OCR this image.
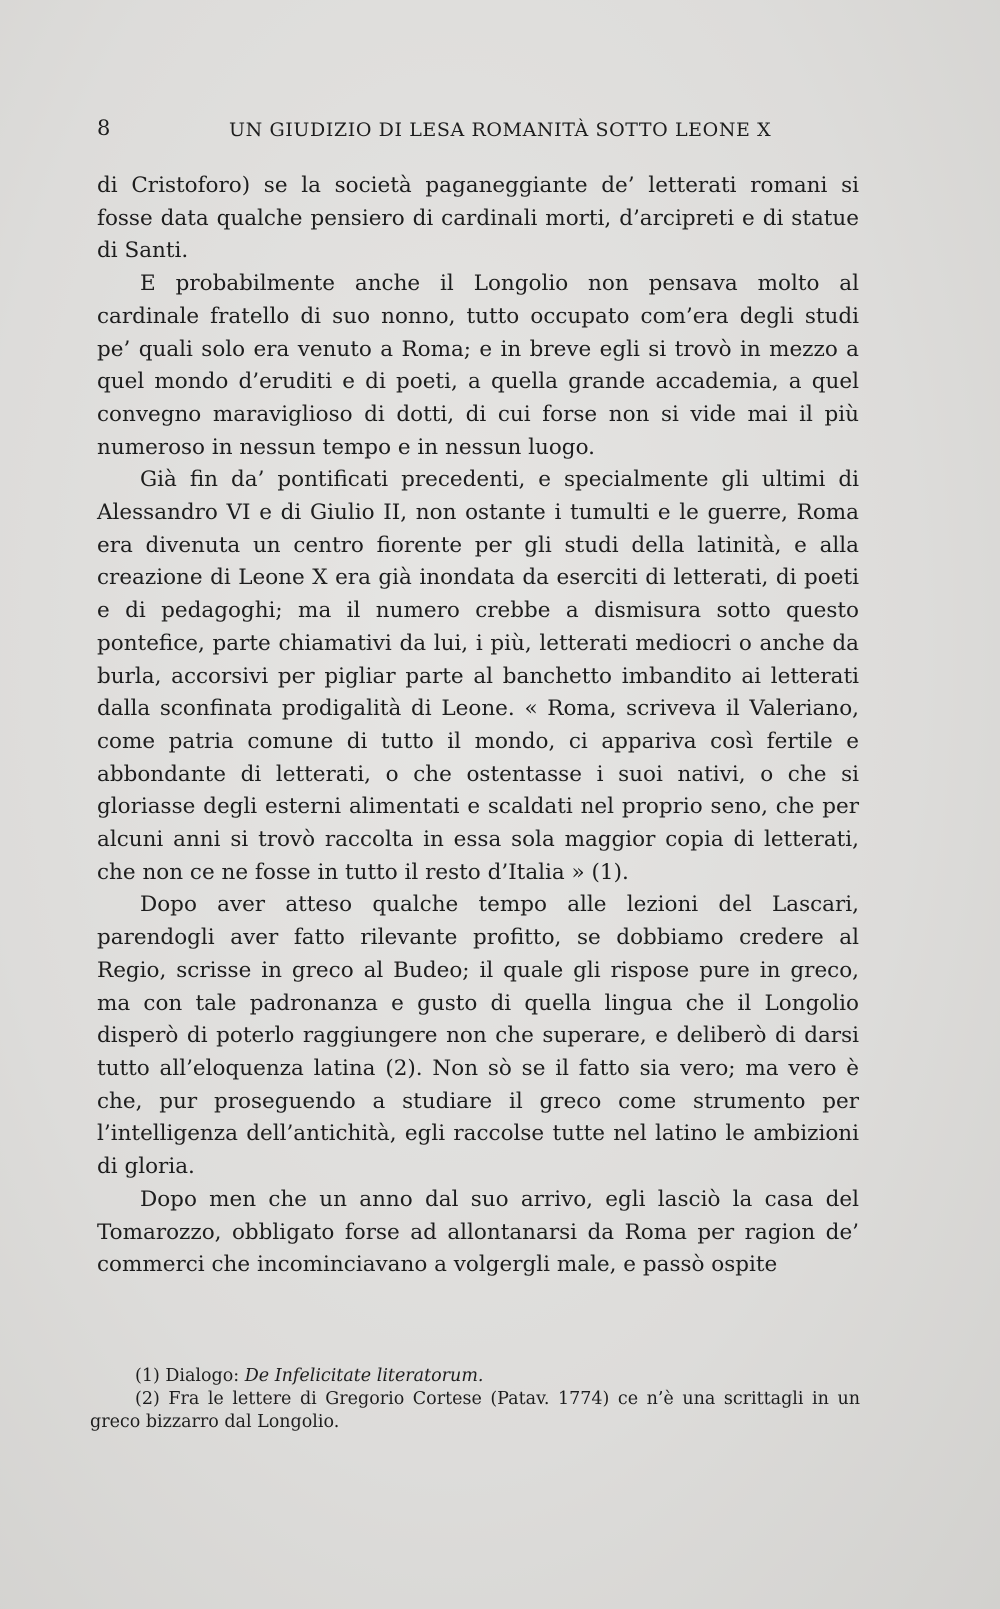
8	UN GIUDIZIO DI LESA ROMANITÀ SOTTO LEONE X

di Cristoforo) se la società paganeggiante de’ letterati romani si fosse data qualche pensiero di cardinali morti, d’arcipreti e di statue di Santi.

E probabilmente anche il Longolio non pensava molto al cardinale fratello di suo nonno, tutto occupato com’era degli studi pe’ quali solo era venuto a Roma; e in breve egli si trovò in mezzo a quel mondo d’eruditi e di poeti, a quella grande accademia, a quel convegno maraviglioso di dotti, di cui forse non si vide mai il più numeroso in nessun tempo e in nessun luogo.

Già fin da’ pontificati precedenti, e specialmente gli ultimi di Alessandro VI e di Giulio II, non ostante i tumulti e le guerre, Roma era divenuta un centro fiorente per gli studi della latinità, e alla creazione di Leone X era già inondata da eserciti di letterati, di poeti e di pedagoghi; ma il numero crebbe a dismisura sotto questo pontefice, parte chiamativi da lui, i più, letterati mediocri o anche da burla, accorsivi per pigliar parte al banchetto imbandito ai letterati dalla sconfinata prodigalità di Leone. « Roma, scriveva il Valeriano, come patria comune di tutto il mondo, ci appariva così fertile e abbondante di letterati, o che ostentasse i suoi nativi, o che si gloriasse degli esterni alimentati e scaldati nel proprio seno, che per alcuni anni si trovò raccolta in essa sola maggior copia di letterati, che non ce ne fosse in tutto il resto d’Italia » (1).

Dopo aver atteso qualche tempo alle lezioni del Lascari, parendogli aver fatto rilevante profitto, se dobbiamo credere al Regio, scrisse in greco al Budeo; il quale gli rispose pure in greco, ma con tale padronanza e gusto di quella lingua che il Longolio disperò di poterlo raggiungere non che superare, e deliberò di darsi tutto all’eloquenza latina (2). Non sò se il fatto sia vero; ma vero è che, pur proseguendo a studiare il greco come strumento per l’intelligenza dell’antichità, egli raccolse tutte nel latino le ambizioni di gloria.

Dopo men che un anno dal suo arrivo, egli lasciò la casa del Tomarozzo, obbligato forse ad allontanarsi da Roma per ragion de’ commerci che incominciavano a volgergli male, e passò ospite

(1) Dialogo: De Infelicitate literatorum.

(2) Fra le lettere di Gregorio Cortese (Patav. 1774) ce n’è una scrittagli in un greco bizzarro dal Longolio.
